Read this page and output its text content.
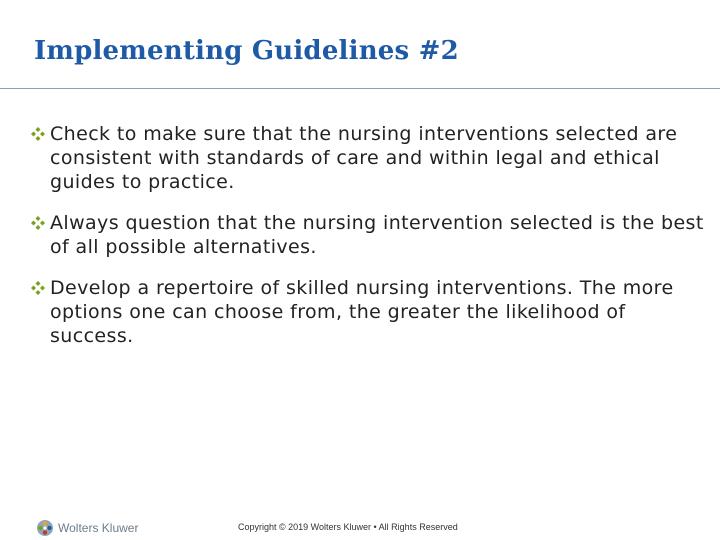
Implementing Guidelines #2
Check to make sure that the nursing interventions selected are consistent with standards of care and within legal and ethical guides to practice.
Always question that the nursing intervention selected is the best of all possible alternatives.
Develop a repertoire of skilled nursing interventions. The more options one can choose from, the greater the likelihood of success.
Wolters Kluwer	Copyright © 2019 Wolters Kluwer • All Rights Reserved
